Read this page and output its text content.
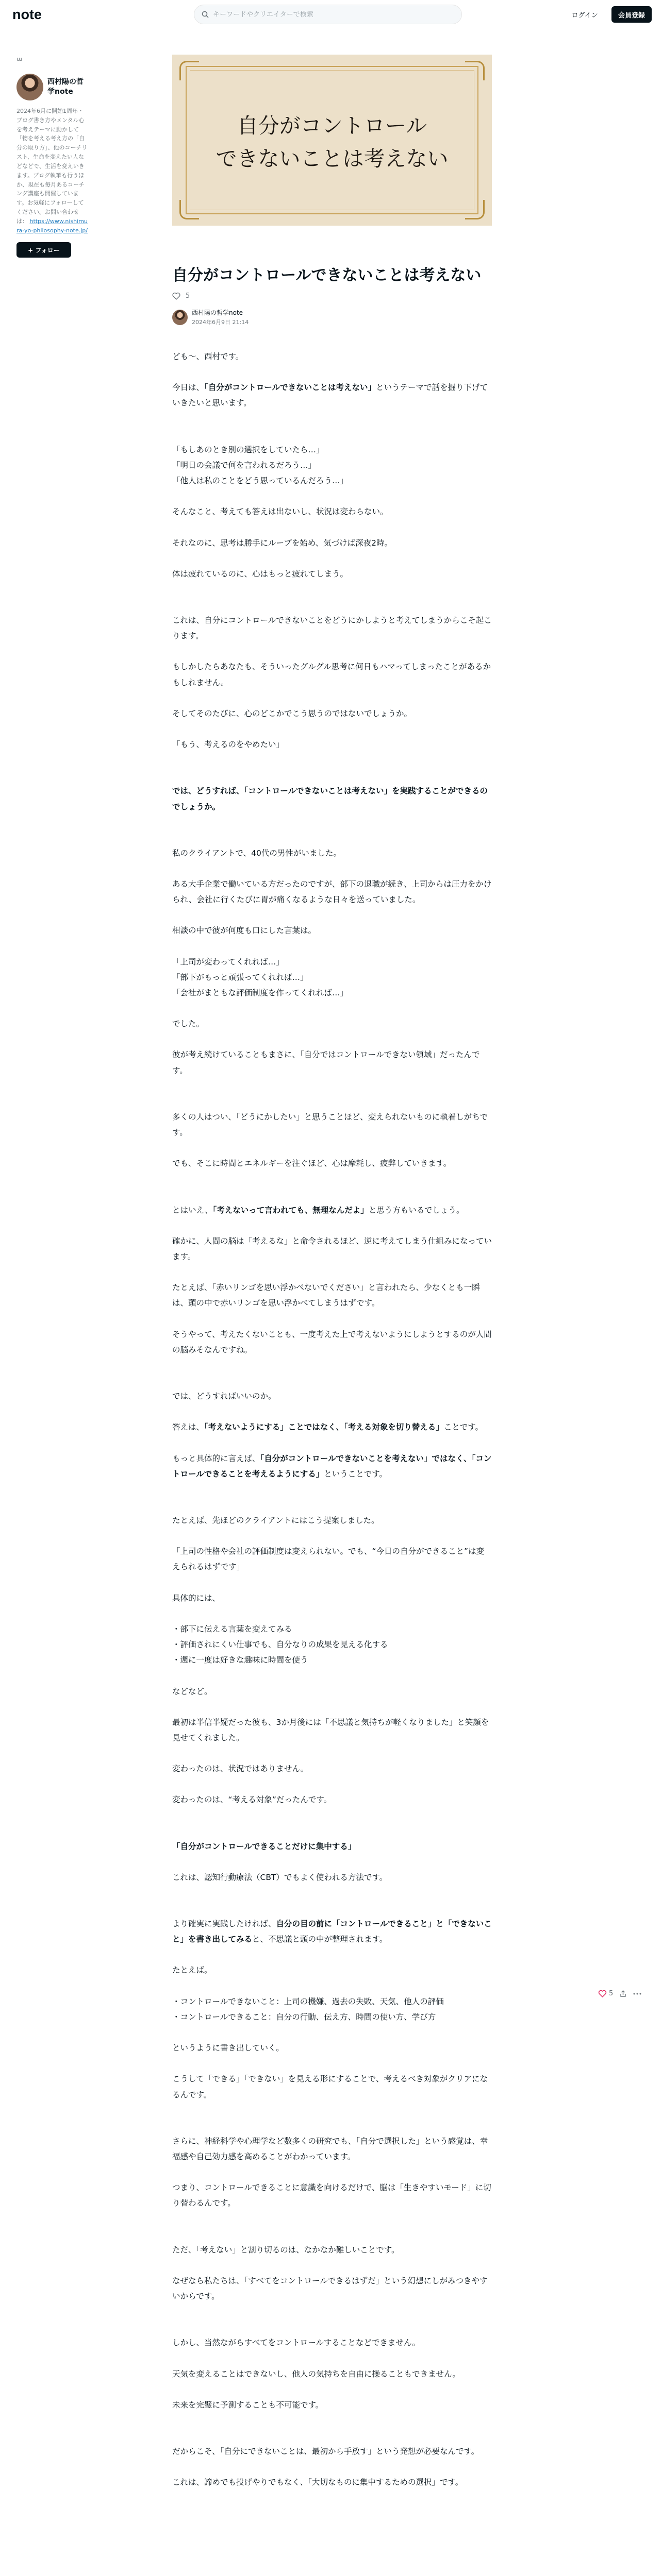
note
キーワードやクリエイターで検索	ログイン	会員登録
ɯ
西村陽の哲学note
2024年6月に開始1周年・ブログ書き方やメンタル心を考えテーマに動かして「物を考える考え方の「自分の取り方」、他のコーチリスト、生命を変えたい人などなどで、生活を変えいきます。ブログ執筆も行うほか、現在も毎月あるコーチング講座も開催しています。お気軽にフォローしてください。お問い合わせは： https://www.nishimura-yo-philosophy-note.jp/
+ フォロー
自分がコントロール
できないことは考えない
自分がコントロールできないことは考えない
5
西村陽の哲学note
2024年6月9日 21:14

ども～、西村です。

今日は、「自分がコントロールできないことは考えない」というテーマで話を掘り下げていきたいと思います。

「もしあのとき別の選択をしていたら…」
「明日の会議で何を言われるだろう…」
「他人は私のことをどう思っているんだろう…」

そんなこと、考えても答えは出ないし、状況は変わらない。

それなのに、思考は勝手にループを始め、気づけば深夜2時。

体は疲れているのに、心はもっと疲れてしまう。

これは、自分にコントロールできないことをどうにかしようと考えてしまうからこそ起こります。

もしかしたらあなたも、そういったグルグル思考に何日もハマってしまったことがあるかもしれません。

そしてそのたびに、心のどこかでこう思うのではないでしょうか。

「もう、考えるのをやめたい」

では、どうすれば、「コントロールできないことは考えない」を実践することができるのでしょうか。

私のクライアントで、40代の男性がいました。

ある大手企業で働いている方だったのですが、部下の退職が続き、上司からは圧力をかけられ、会社に行くたびに胃が痛くなるような日々を送っていました。

相談の中で彼が何度も口にした言葉は。

「上司が変わってくれれば…」
「部下がもっと頑張ってくれれば…」
「会社がまともな評価制度を作ってくれれば…」

でした。

彼が考え続けていることもまさに、「自分ではコントロールできない領域」だったんです。

多くの人はつい、「どうにかしたい」と思うことほど、変えられないものに執着しがちです。

でも、そこに時間とエネルギーを注ぐほど、心は摩耗し、疲弊していきます。

とはいえ、「考えないって言われても、無理なんだよ」と思う方もいるでしょう。

確かに、人間の脳は「考えるな」と命令されるほど、逆に考えてしまう仕組みになっています。

たとえば、「赤いリンゴを思い浮かべないでください」と言われたら、少なくとも一瞬は、頭の中で赤いリンゴを思い浮かべてしまうはずです。

そうやって、考えたくないことも、一度考えた上で考えないようにしようとするのが人間の脳みそなんですね。

では、どうすればいいのか。

答えは、「考えないようにする」ことではなく、「考える対象を切り替える」ことです。

もっと具体的に言えば、「自分がコントロールできないことを考えない」ではなく、「コントロールできることを考えるようにする」ということです。

たとえば、先ほどのクライアントにはこう提案しました。

「上司の性格や会社の評価制度は変えられない。でも、“今日の自分ができること”は変えられるはずです」

具体的には、

・部下に伝える言葉を変えてみる
・評価されにくい仕事でも、自分なりの成果を見える化する
・週に一度は好きな趣味に時間を使う

などなど。

最初は半信半疑だった彼も、3か月後には「不思議と気持ちが軽くなりました」と笑顔を見せてくれました。

変わったのは、状況ではありません。

変わったのは、“考える対象”だったんです。

「自分がコントロールできることだけに集中する」

これは、認知行動療法（CBT）でもよく使われる方法です。

より確実に実践したければ、自分の目の前に「コントロールできること」と「できないこと」を書き出してみると、不思議と頭の中が整理されます。

たとえば。

・コントロールできないこと：上司の機嫌、過去の失敗、天気、他人の評価
・コントロールできること：自分の行動、伝え方、時間の使い方、学び方

というように書き出していく。

こうして「できる」「できない」を見える形にすることで、考えるべき対象がクリアになるんです。

さらに、神経科学や心理学など数多くの研究でも、「自分で選択した」という感覚は、幸福感や自己効力感を高めることがわかっています。

つまり、コントロールできることに意識を向けるだけで、脳は「生きやすいモード」に切り替わるんです。

ただ、「考えない」と割り切るのは、なかなか難しいことです。

なぜなら私たちは、「すべてをコントロールできるはずだ」という幻想にしがみつきやすいからです。

しかし、当然ながらすべてをコントロールすることなどできません。

天気を変えることはできないし、他人の気持ちを自由に操ることもできません。

未来を完璧に予測することも不可能です。

だからこそ、「自分にできないことは、最初から手放す」という発想が必要なんです。

これは、諦めでも投げやりでもなく、「大切なものに集中するための選択」です。

5
